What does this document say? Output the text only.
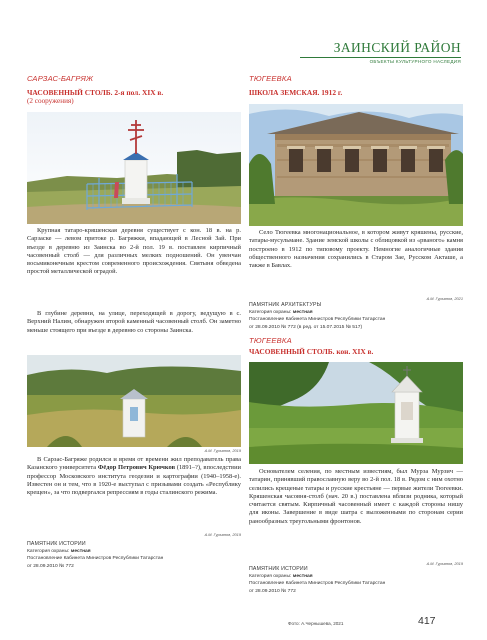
ЗАИНСКИЙ РАЙОН
ОБЪЕКТЫ КУЛЬТУРНОГО НАСЛЕДИЯ
САРЗАС-БАГРЯЖ
ЧАСОВЕННЫЙ СТОЛБ. 2-я пол. XIX в.
(2 сооружения)
Крупная татаро-кряшенская деревня существует с кон. 18 в. на р. Сарзаске — левом притоке р. Багряжки, впадающей в Лесной Зай. При въезде в деревню из Заинска во 2-й пол. 19 в. поставлен кирпичный часовенный столб — для различных мелких подношений. Он увенчан восьмиконечным крестом современного происхождения. Святыня обведена простой металлической оградой.
В глубине деревни, на улице, переходящей в дорогу, ведущую в с. Верхний Налим, обнаружен второй каменный часовенный столб. Он заметно меньше стоящего при въезде в деревню со стороны Заинска.
А.М. Гурьянов, 2019
В Сарзас-Багряже родился и время от времени жил преподаватель права Казанского университета Фёдор Петрович Крючков (1891–?), впоследствии профессор Московского института геодезии и картографии (1940–1958-е). Известен он и тем, что в 1920-е выступал с призывами создать «Республику крещен», за что подвергался репрессиям в годы сталинского режима.
А.М. Гурьянов, 2019
ПАМЯТНИК ИСТОРИИ
Категория охраны: местная
Постановление Кабинета Министров Республики Татарстан
от 28.09.2010 № 772
ТЮГЕЕВКА
ШКОЛА ЗЕМСКАЯ. 1912 г.
Село Тюгеевка многонациональное, в котором живут кряшены, русские, татары-мусульмане. Здание земской школы с облицовкой из «рваного» камня построено в 1912 по типовому проекту. Немногие аналогичные здания общественного назначения сохранились в Старом Зае, Русском Акташе, а также в Бавлах.
А.М. Гурьянов, 2021
ПАМЯТНИК АРХИТЕКТУРЫ
Категория охраны: местная
Постановление Кабинета Министров Республики Татарстан
от 28.09.2010 № 772 (в ред. от 15.07.2015 № 517)
ТЮГЕЕВКА
ЧАСОВЕННЫЙ СТОЛБ. кон. XIX в.
Основателем селения, по местным известиям, был Мурза Мурзич — татарин, принявший православную веру во 2-й пол. 18 в. Рядом с ним охотно селились крещеные татары и русские крестьяне — первые жители Тюгеевки. Кряшенская часовня-столб (нач. 20 в.) поставлена вблизи родника, который считается святым. Кирпичный часовенный имеет с каждой стороны нишу для иконы. Завершение в виде шатра с выложенными по сторонам серии ранообразных треугольными фронтонов.
А.М. Гурьянов, 2019
ПАМЯТНИК ИСТОРИИ
Категория охраны: местная
Постановление Кабинета Министров Республики Татарстан
от 28.09.2010 № 772
Фото: А.Чернышева, 2021	417
